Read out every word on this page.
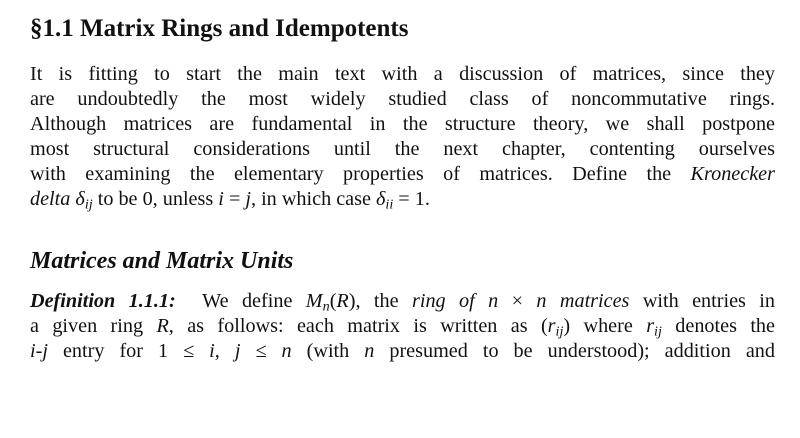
§1.1 Matrix Rings and Idempotents

It is fitting to start the main text with a discussion of matrices, since they
are undoubtedly the most widely studied class of noncommutative rings.
Although matrices are fundamental in the structure theory, we shall postpone
most structural considerations until the next chapter, contenting ourselves
with examining the elementary properties of matrices. Define the Kronecker
delta $\delta_{ij}$ to be 0, unless i = j, in which case $\delta_{ii} = 1$.

Matrices and Matrix Units

Definition 1.1.1:  We define $M_n(R)$, the ring of n × n matrices with entries in
a given ring R, as follows: each matrix is written as $(r_{ij})$ where $r_{ij}$ denotes the
i-j entry for 1 ≤ i, j ≤ n (with n presumed to be understood); addition and
